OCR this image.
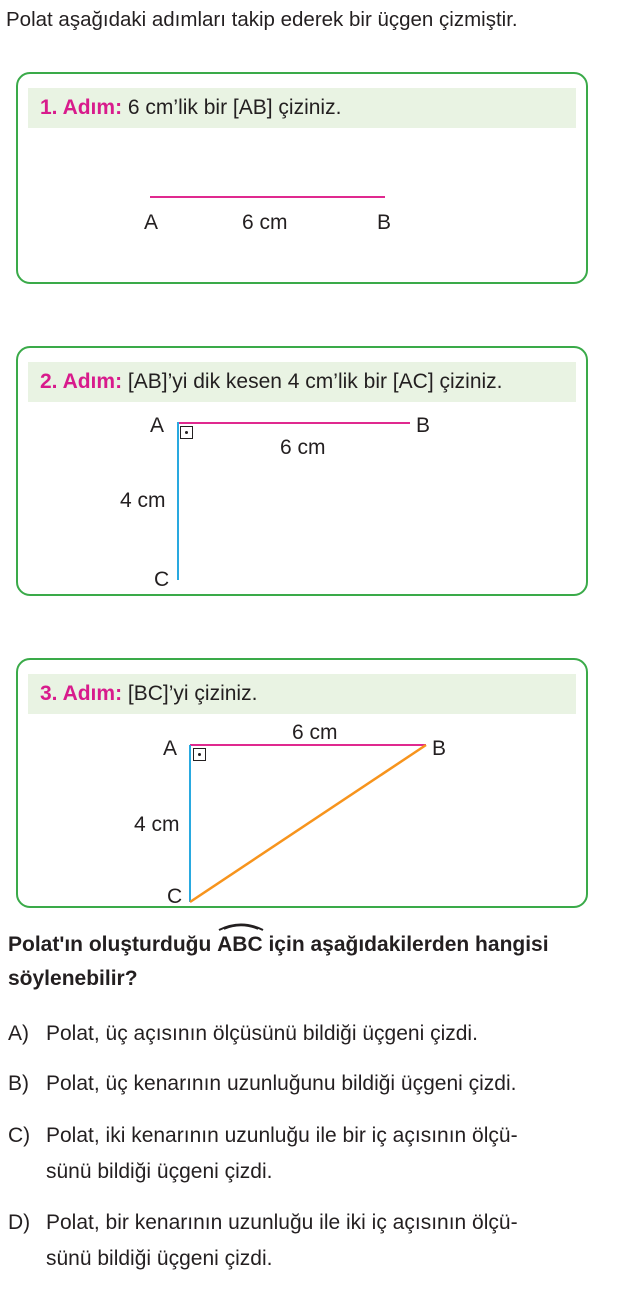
Polat aşağıdaki adımları takip ederek bir üçgen çizmiştir.
1. Adım: 6 cm’lik bir [AB] çiziniz.
A	6 cm	B
2. Adım: [AB]’yi dik kesen 4 cm’lik bir [AC] çiziniz.
A	B
6 cm
4 cm
C
3. Adım: [BC]’yi çiziniz.
A
6 cm
B
4 cm
C
Polat'ın oluşturduğu
ABC için aşağıdakilerden hangisi söylenebilir?
A) Polat, üç açısının ölçüsünü bildiği üçgeni çizdi.
B) Polat, üç kenarının uzunluğunu bildiği üçgeni çizdi.
C) Polat, iki kenarının uzunluğu ile bir iç açısının ölçü-
sünü bildiği üçgeni çizdi.
D) Polat, bir kenarının uzunluğu ile iki iç açısının ölçü-
sünü bildiği üçgeni çizdi.
